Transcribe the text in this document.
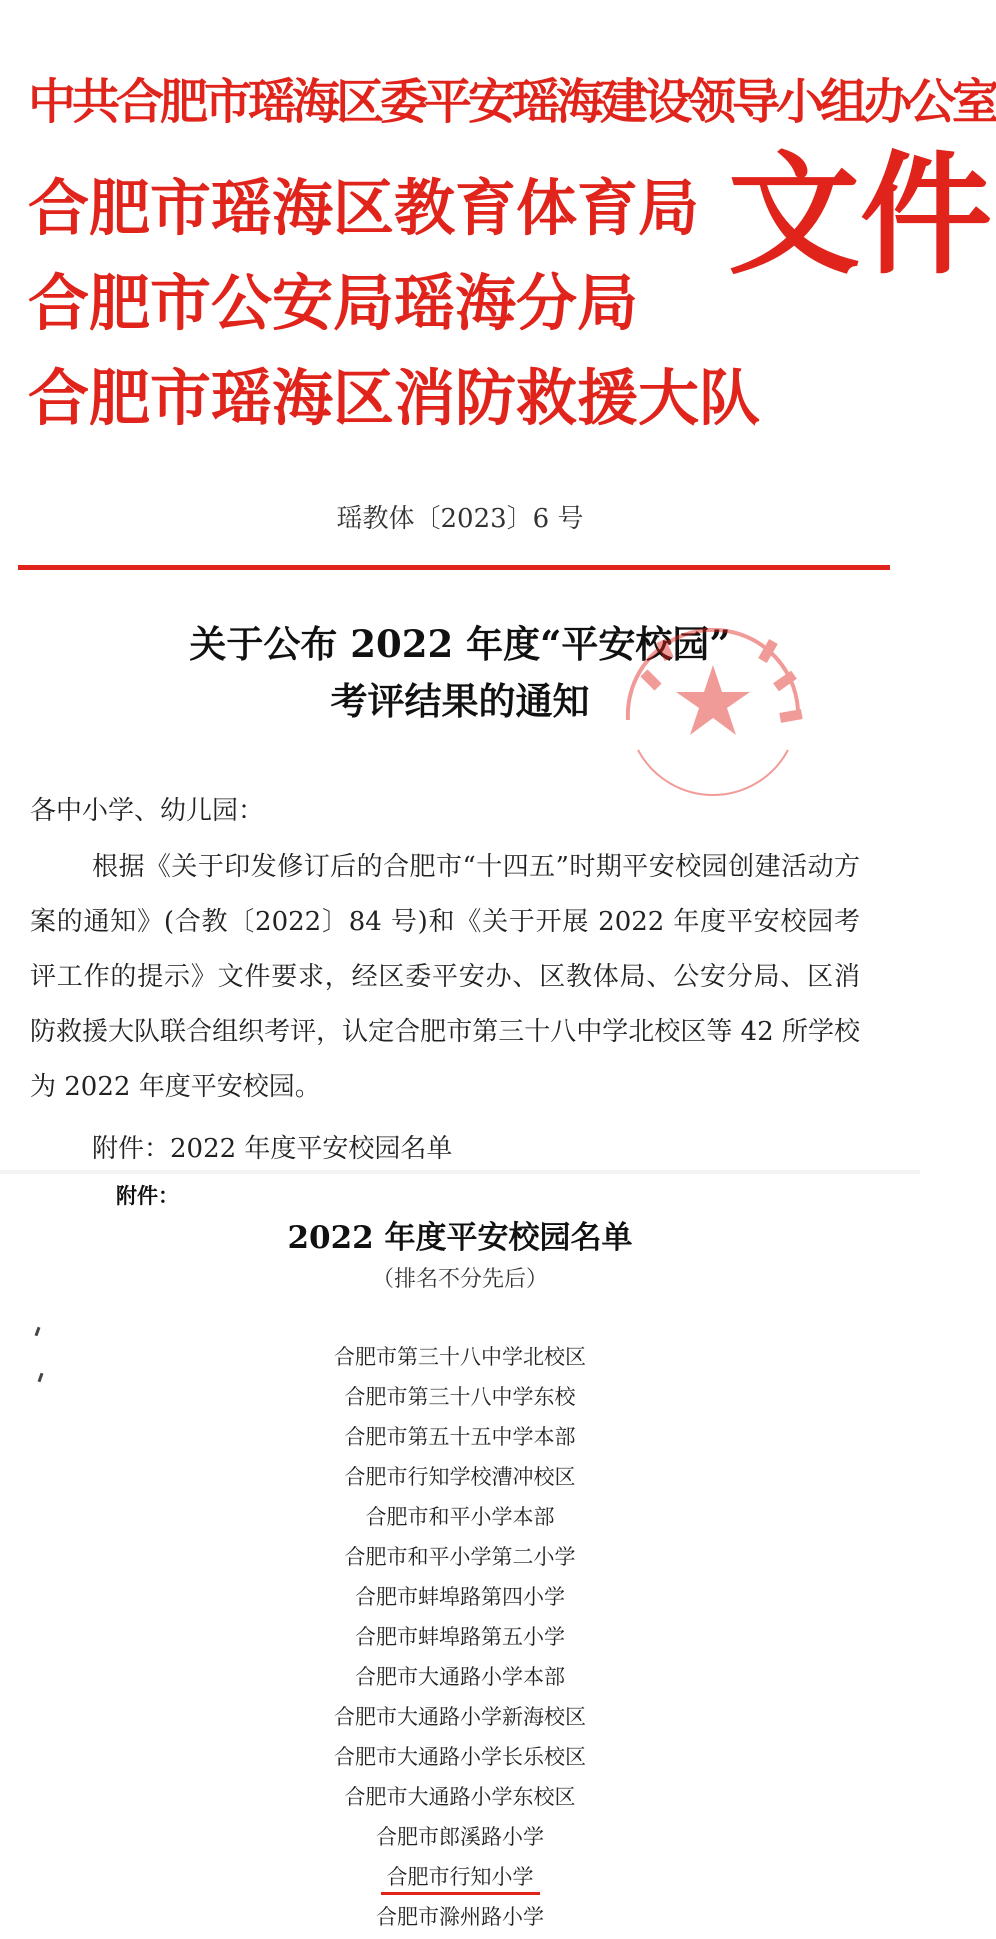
中共合肥市瑶海区委平安瑶海建设领导小组办公室
合肥市瑶海区教育体育局
合肥市公安局瑶海分局
合肥市瑶海区消防救援大队
文件
瑶教体〔2023〕6 号
关于公布 2022 年度“平安校园”
考评结果的通知
各中小学、幼儿园：
根据《关于印发修订后的合肥市“十四五”时期平安校园创建活动方案的通知》(合教〔2022〕84 号)和《关于开展 2022 年度平安校园考评工作的提示》文件要求，经区委平安办、区教体局、公安分局、区消防救援大队联合组织考评，认定合肥市第三十八中学北校区等 42 所学校为 2022 年度平安校园。
附件：2022 年度平安校园名单
附件：
2022 年度平安校园名单
（排名不分先后）
合肥市第三十八中学北校区
合肥市第三十八中学东校
合肥市第五十五中学本部
合肥市行知学校漕冲校区
合肥市和平小学本部
合肥市和平小学第二小学
合肥市蚌埠路第四小学
合肥市蚌埠路第五小学
合肥市大通路小学本部
合肥市大通路小学新海校区
合肥市大通路小学长乐校区
合肥市大通路小学东校区
合肥市郎溪路小学
合肥市行知小学
合肥市滁州路小学
